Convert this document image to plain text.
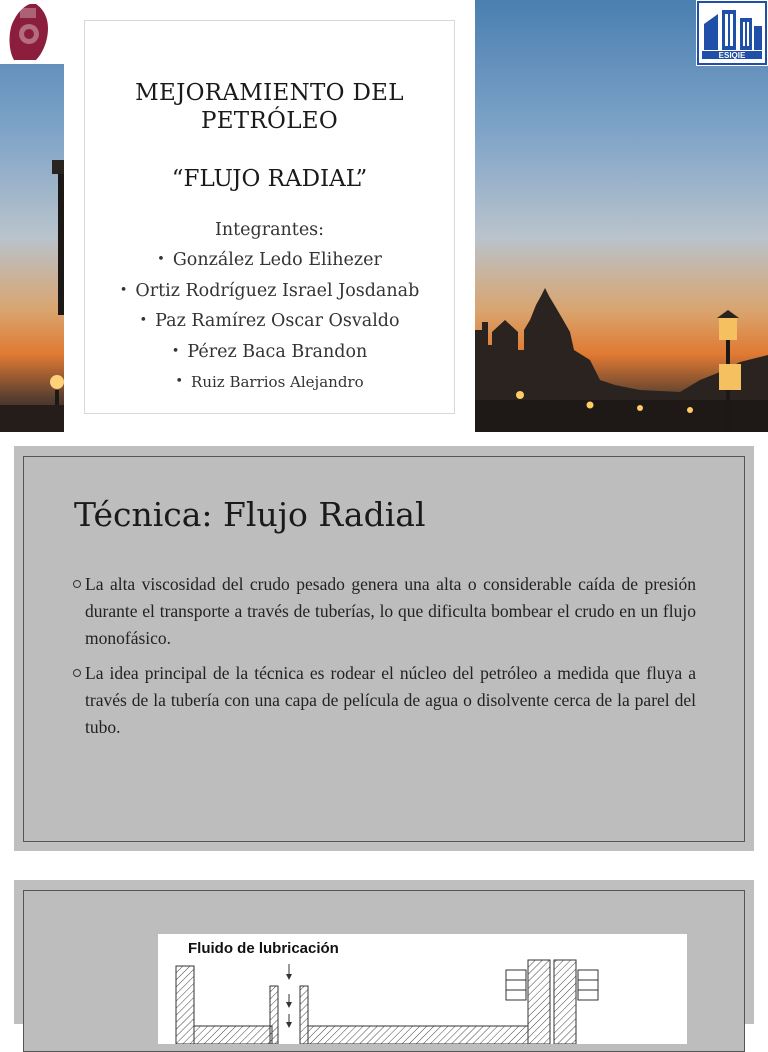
ESIQIE
MEJORAMIENTO DEL PETRÓLEO
“FLUJO RADIAL”
Integrantes:
• González Ledo Elihezer
• Ortiz Rodríguez Israel Josdanab
• Paz Ramírez Oscar Osvaldo
• Pérez Baca Brandon
• Ruiz Barrios Alejandro
Técnica: Flujo Radial
La alta viscosidad del crudo pesado genera una alta o considerable caída de presión durante el transporte a través de tuberías, lo que dificulta bombear el crudo en un flujo monofásico.
La idea principal de la técnica es rodear el núcleo del petróleo a medida que fluya a través de la tubería con una capa de película de agua o disolvente cerca de la parel del tubo.
Fluido de lubricación
